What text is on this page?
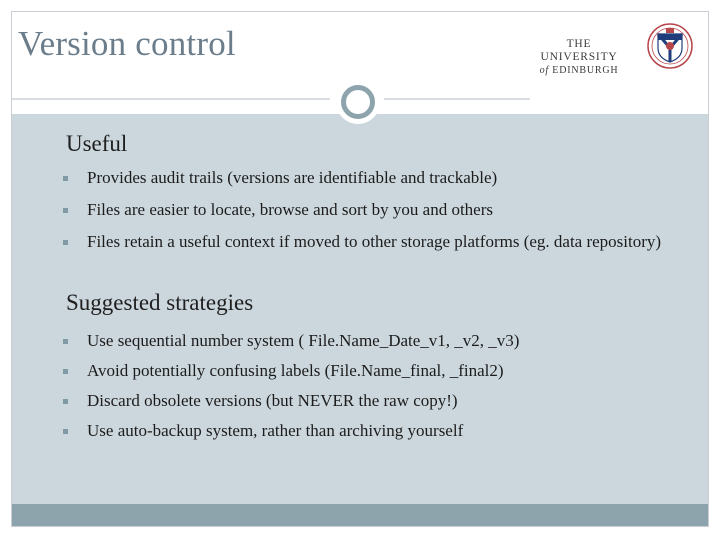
Version control	THE UNIVERSITY
of EDINBURGH
Useful
Provides audit trails (versions are identifiable and trackable)
Files are easier to locate, browse and sort by you and others
Files retain a useful context if moved to other storage platforms (eg. data repository)
Suggested strategies
Use sequential number system ( File.Name_Date_v1, _v2, _v3)
Avoid potentially confusing labels (File.Name_final, _final2)
Discard obsolete versions (but NEVER the raw copy!)
Use auto-backup system, rather than archiving yourself
